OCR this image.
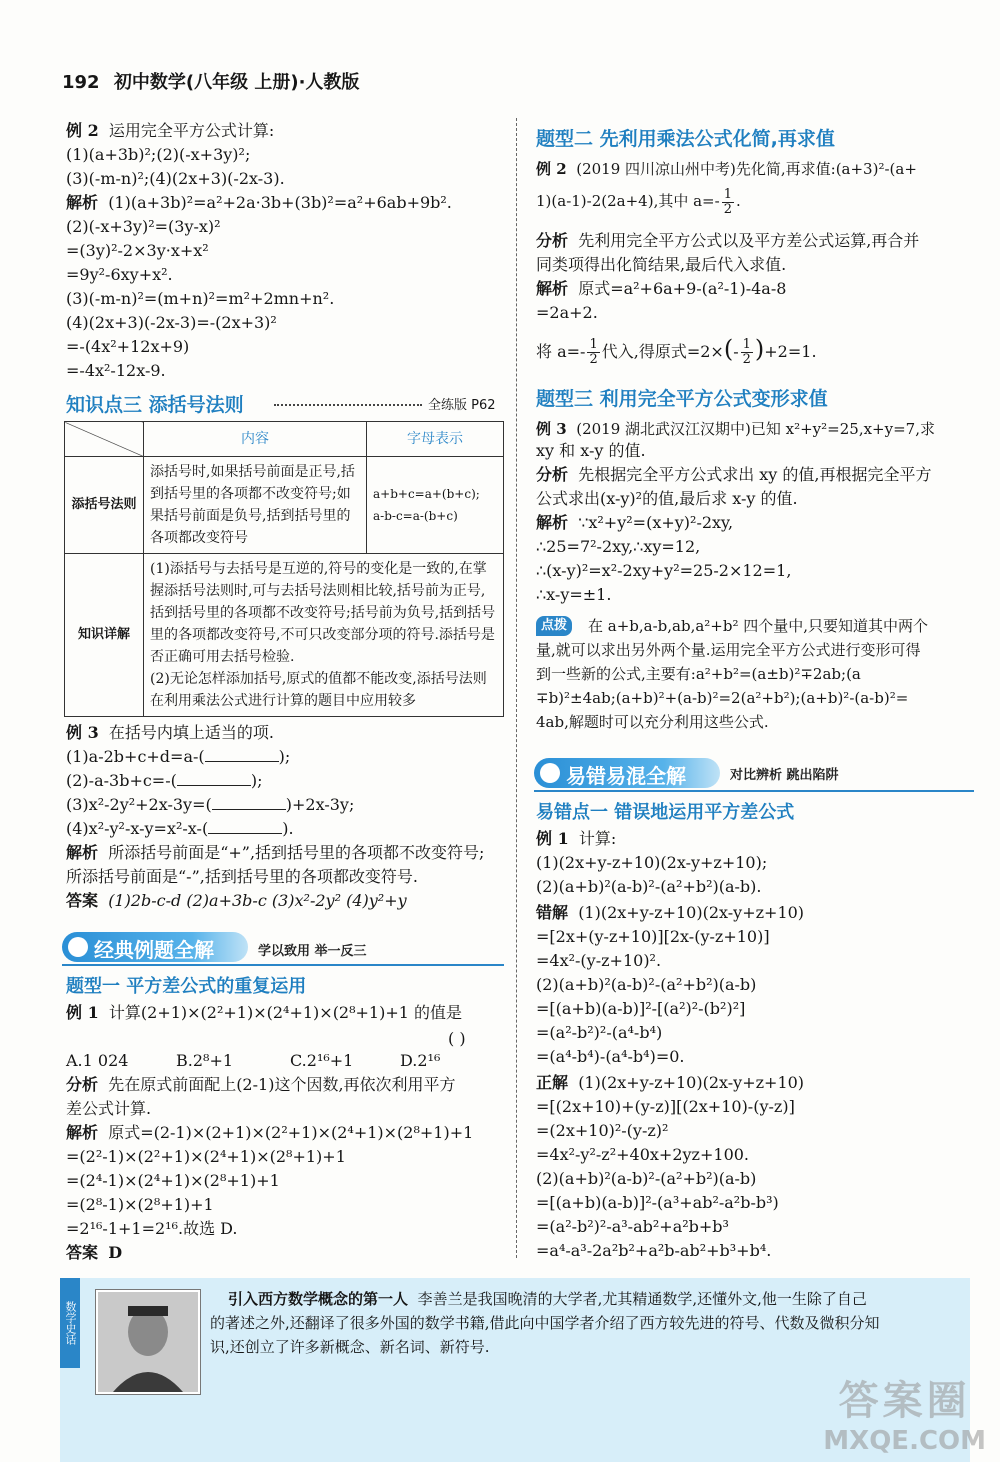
192 初中数学(八年级 上册)·人教版
例 2 运用完全平方公式计算:
(1)(a+3b)²;(2)(-x+3y)²;
(3)(-m-n)²;(4)(2x+3)(-2x-3).
解析 (1)(a+3b)²=a²+2a·3b+(3b)²=a²+6ab+9b².
(2)(-x+3y)²=(3y-x)²
=(3y)²-2×3y·x+x²
=9y²-6xy+x².
(3)(-m-n)²=(m+n)²=m²+2mn+n².
(4)(2x+3)(-2x-3)=-(2x+3)²
=-(4x²+12x+9)
=-4x²-12x-9.
知识点三 添括号法则	全练版 P62
	内容	字母表示
添括号法则	添括号时,如果括号前面是正号,括到括号里的各项都不改变符号;如果括号前面是负号,括到括号里的各项都改变符号	a+b+c=a+(b+c);
a-b-c=a-(b+c)

知识详解	(1)添括号与去括号是互逆的,符号的变化是一致的,在掌握添括号法则时,可与去括号法则相比较,括号前为正号,括到括号里的各项都不改变符号;括号前为负号,括到括号里的各项都改变符号,不可只改变部分项的符号.添括号是否正确可用去括号检验.
(2)无论怎样添加括号,原式的值都不能改变,添括号法则在利用乘法公式进行计算的题目中应用较多	
例 3 在括号内填上适当的项.
(1)a-2b+c+d=a-(	);
(2)-a-3b+c=-(	);
(3)x²-2y²+2x-3y=(	)+2x-3y;
(4)x²-y²-x-y=x²-x-(	).
解析 所添括号前面是“+”,括到括号里的各项都不改变符号;
所添括号前面是“-”,括到括号里的各项都改变符号.
答案 (1)2b-c-d (2)a+3b-c (3)x²-2y² (4)y²+y
经典例题全解	学以致用 举一反三
题型一 平方差公式的重复运用
例 1 计算(2+1)×(2²+1)×(2⁴+1)×(2⁸+1)+1 的值是
( )
A.1 024	B.2⁸+1	C.2¹⁶+1	D.2¹⁶
分析 先在原式前面配上(2-1)这个因数,再依次利用平方
差公式计算.
解析 原式=(2-1)×(2+1)×(2²+1)×(2⁴+1)×(2⁸+1)+1
=(2²-1)×(2²+1)×(2⁴+1)×(2⁸+1)+1
=(2⁴-1)×(2⁴+1)×(2⁸+1)+1
=(2⁸-1)×(2⁸+1)+1
=2¹⁶-1+1=2¹⁶.故选 D.
答案 D
题型二 先利用乘法公式化简,再求值
例 2 (2019 四川凉山州中考)先化简,再求值:(a+3)²-(a+
1)(a-1)-2(2a+4),其中 $a=- \frac{1}{2}$ .
分析 先利用完全平方公式以及平方差公式运算,再合并
同类项得出化简结果,最后代入求值.
解析 原式=a²+6a+9-(a²-1)-4a-8
=2a+2.
将 $a=- \frac{1}{2}$ 代入,得原式$=2\times(- \frac{1}{2} )+2=1$.
题型三 利用完全平方公式变形求值
例 3 (2019 湖北武汉江汉期中)已知 x²+y²=25,x+y=7,求
xy 和 x-y 的值.
分析 先根据完全平方公式求出 xy 的值,再根据完全平方
公式求出(x-y)²的值,最后求 x-y 的值.
解析 ∵x²+y²=(x+y)²-2xy,
∴25=7²-2xy,∴xy=12,
∴(x-y)²=x²-2xy+y²=25-2×12=1,
∴x-y=±1.
点拨	在 a+b,a-b,ab,a²+b² 四个量中,只要知道其中两个
量,就可以求出另外两个量.运用完全平方公式进行变形可得
到一些新的公式,主要有:a²+b²=(a±b)²∓2ab;(a
∓b)²±4ab;(a+b)²+(a-b)²=2(a²+b²);(a+b)²-(a-b)²=
4ab,解题时可以充分利用这些公式.
易错易混全解	对比辨析 跳出陷阱
易错点一 错误地运用平方差公式
例 1 计算:
(1)(2x+y-z+10)(2x-y+z+10);
(2)(a+b)²(a-b)²-(a²+b²)(a-b).
错解 (1)(2x+y-z+10)(2x-y+z+10)
=[2x+(y-z+10)][2x-(y-z+10)]
=4x²-(y-z+10)².
(2)(a+b)²(a-b)²-(a²+b²)(a-b)
=[(a+b)(a-b)]²-[(a²)²-(b²)²]
=(a²-b²)²-(a⁴-b⁴)
=(a⁴-b⁴)-(a⁴-b⁴)=0.
正解 (1)(2x+y-z+10)(2x-y+z+10)
=[(2x+10)+(y-z)][(2x+10)-(y-z)]
=(2x+10)²-(y-z)²
=4x²-y²-z²+40x+2yz+100.
(2)(a+b)²(a-b)²-(a²+b²)(a-b)
=[(a+b)(a-b)]²-(a³+ab²-a²b-b³)
=(a²-b²)²-a³-ab²+a²b+b³
=a⁴-a³-2a²b²+a²b-ab²+b³+b⁴.
数学史话
引入西方数学概念的第一人 李善兰是我国晚清的大学者,尤其精通数学,还懂外文,他一生除了自己
的著述之外,还翻译了很多外国的数学书籍,借此向中国学者介绍了西方较先进的符号、代数及微积分知
识,还创立了许多新概念、新名词、新符号.
答案圈
MXQE.COM
